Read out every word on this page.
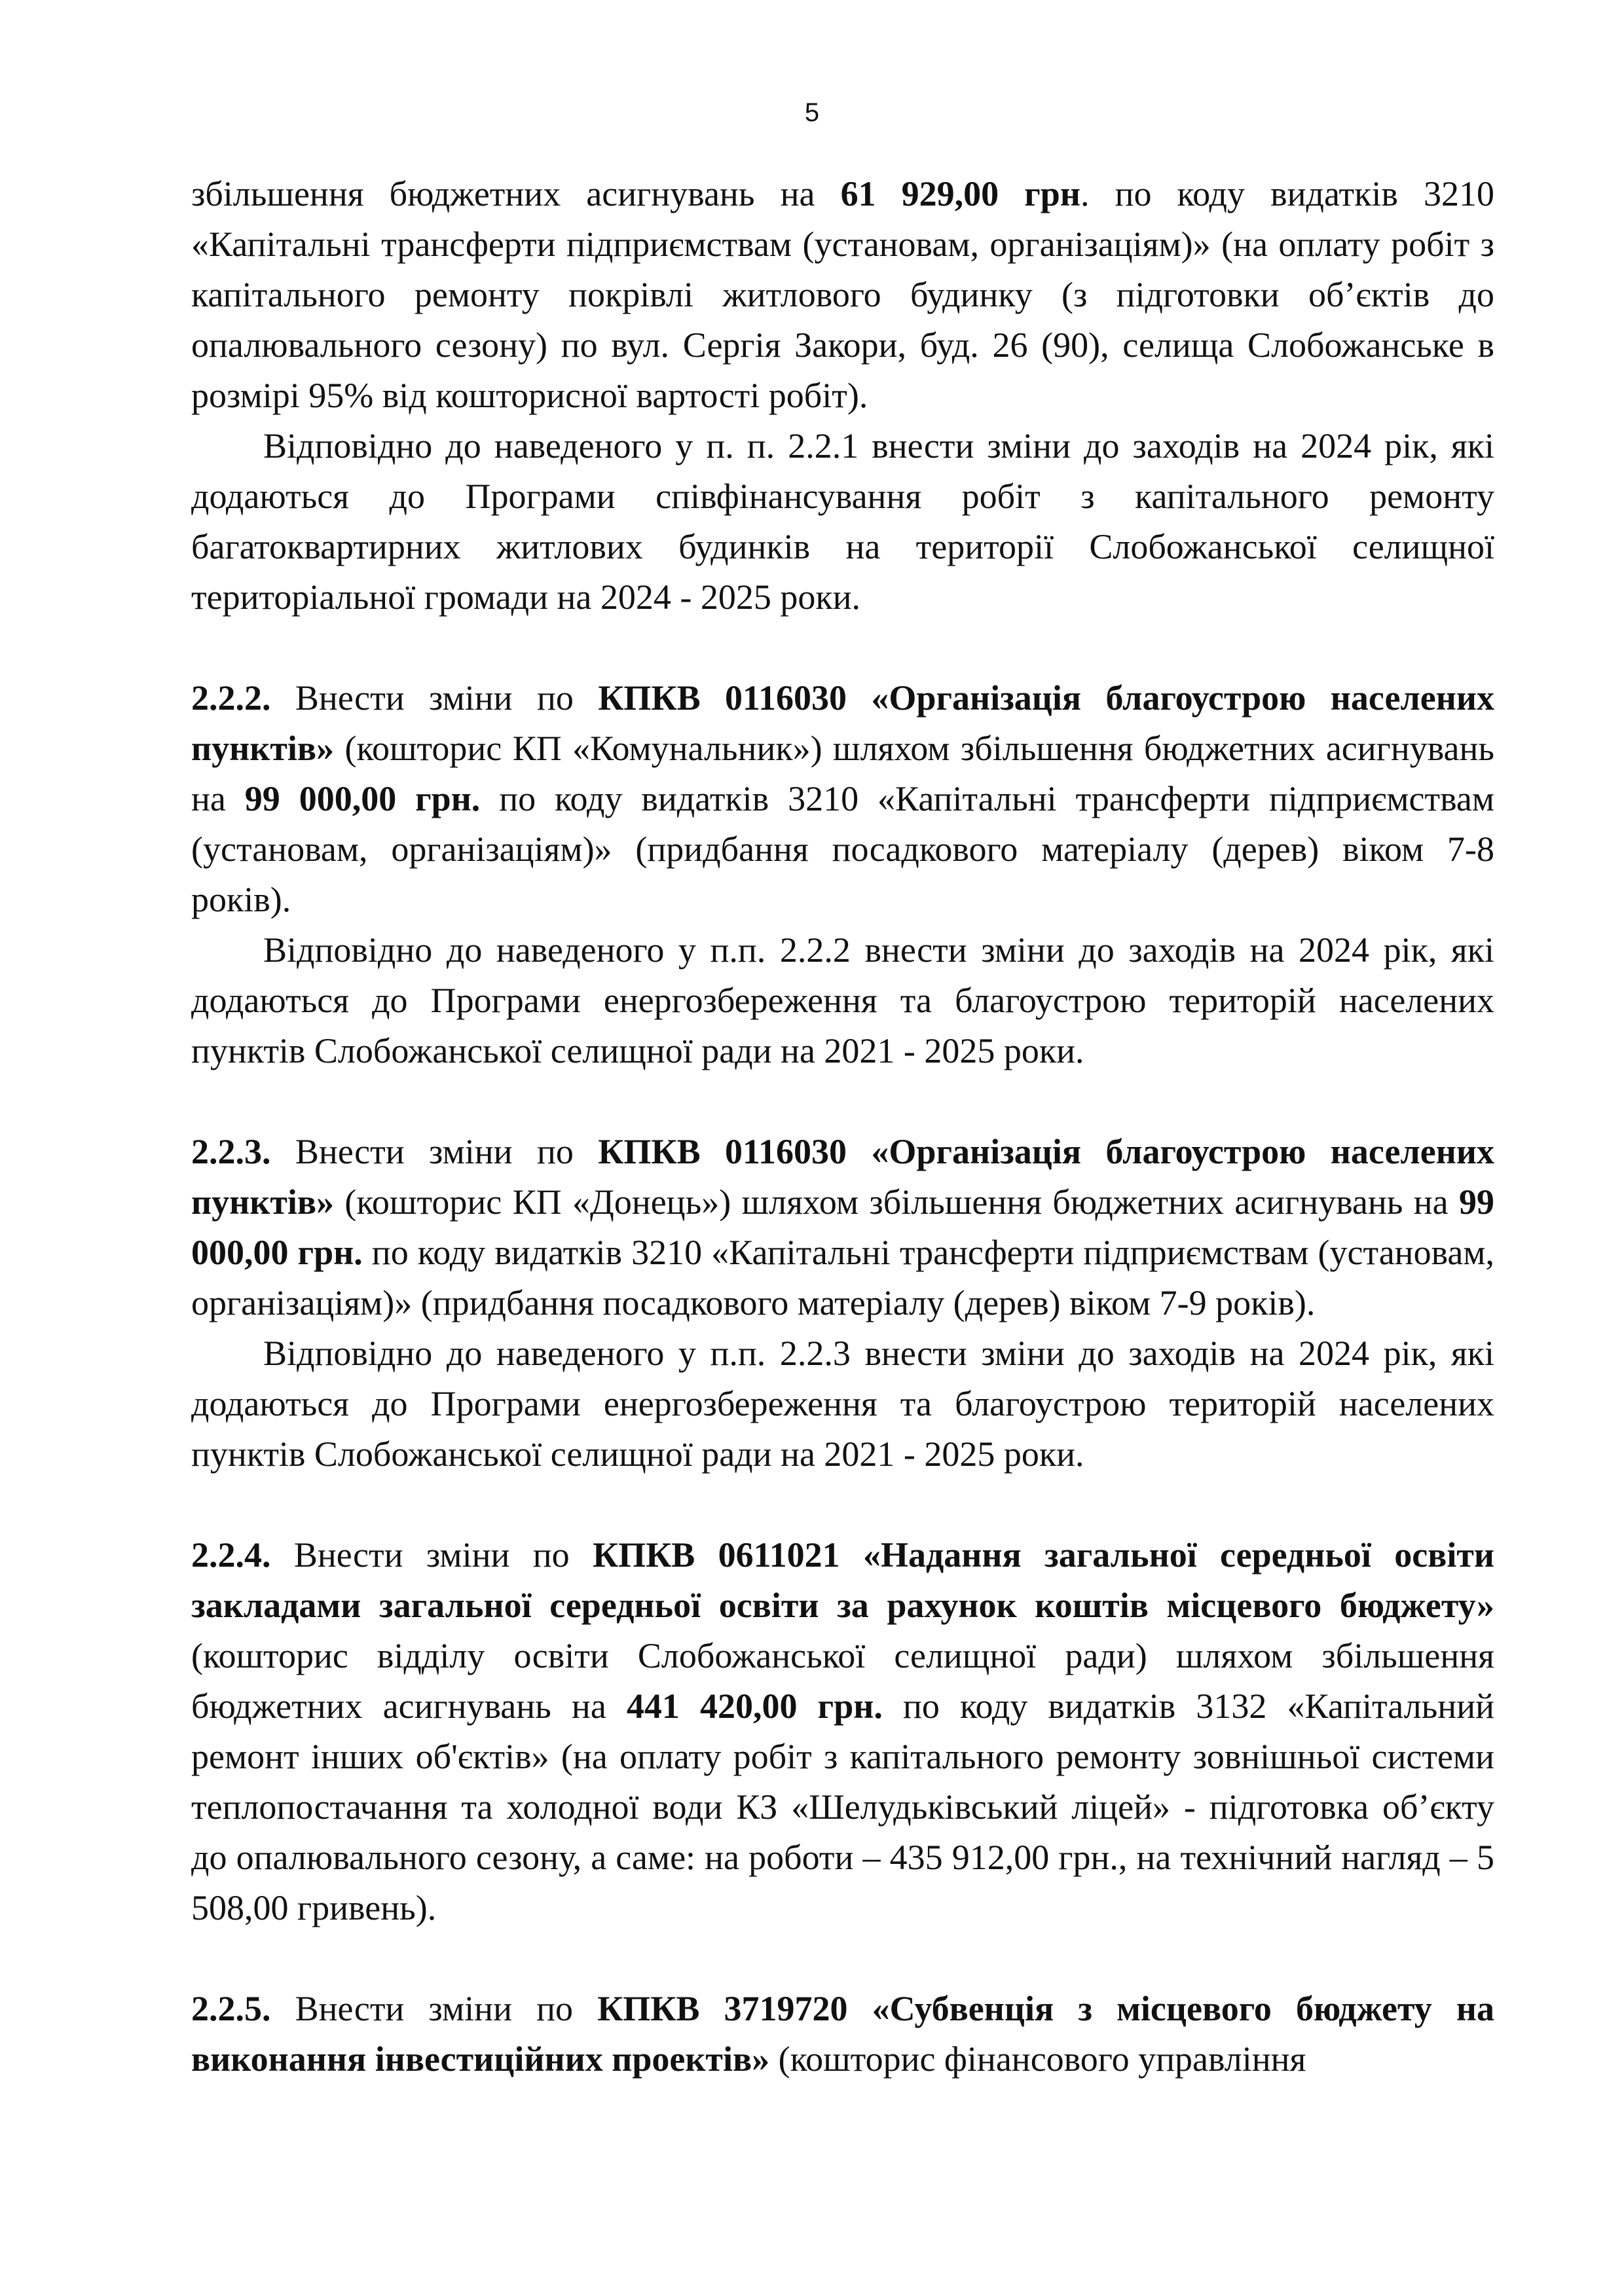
5

збільшення бюджетних асигнувань на 61 929,00 грн. по коду видатків 3210 «Капітальні трансферти підприємствам (установам, організаціям)» (на оплату робіт з капітального ремонту покрівлі житлового будинку (з підготовки об’єктів до опалювального сезону) по вул. Сергія Закори, буд. 26 (90), селища Слобожанське в розмірі 95% від кошторисної вартості робіт).

Відповідно до наведеного у п. п. 2.2.1 внести зміни до заходів на 2024 рік, які додаються до Програми співфінансування робіт з капітального ремонту багатоквартирних житлових будинків на території Слобожанської селищної територіальної громади на 2024 - 2025 роки.

2.2.2. Внести зміни по КПКВ 0116030 «Організація благоустрою населених пунктів» (кошторис КП «Комунальник») шляхом збільшення бюджетних асигнувань на 99 000,00 грн. по коду видатків 3210 «Капітальні трансферти підприємствам (установам, організаціям)» (придбання посадкового матеріалу (дерев) віком 7-8 років).

Відповідно до наведеного у п.п. 2.2.2 внести зміни до заходів на 2024 рік, які додаються до Програми енергозбереження та благоустрою територій населених пунктів Слобожанської селищної ради на 2021 - 2025 роки.

2.2.3. Внести зміни по КПКВ 0116030 «Організація благоустрою населених пунктів» (кошторис КП «Донець») шляхом збільшення бюджетних асигнувань на 99 000,00 грн. по коду видатків 3210 «Капітальні трансферти підприємствам (установам, організаціям)» (придбання посадкового матеріалу (дерев) віком 7-9 років).

Відповідно до наведеного у п.п. 2.2.3 внести зміни до заходів на 2024 рік, які додаються до Програми енергозбереження та благоустрою територій населених пунктів Слобожанської селищної ради на 2021 - 2025 роки.

2.2.4. Внести зміни по КПКВ 0611021 «Надання загальної середньої освіти закладами загальної середньої освіти за рахунок коштів місцевого бюджету» (кошторис відділу освіти Слобожанської селищної ради) шляхом збільшення бюджетних асигнувань на 441 420,00 грн. по коду видатків 3132 «Капітальний ремонт інших об'єктів» (на оплату робіт з капітального ремонту зовнішньої системи теплопостачання та холодної води КЗ «Шелудьківський ліцей» - підготовка об’єкту до опалювального сезону, а саме: на роботи – 435 912,00 грн., на технічний нагляд – 5 508,00 гривень).

2.2.5. Внести зміни по КПКВ 3719720 «Субвенція з місцевого бюджету на виконання інвестиційних проектів» (кошторис фінансового управління
